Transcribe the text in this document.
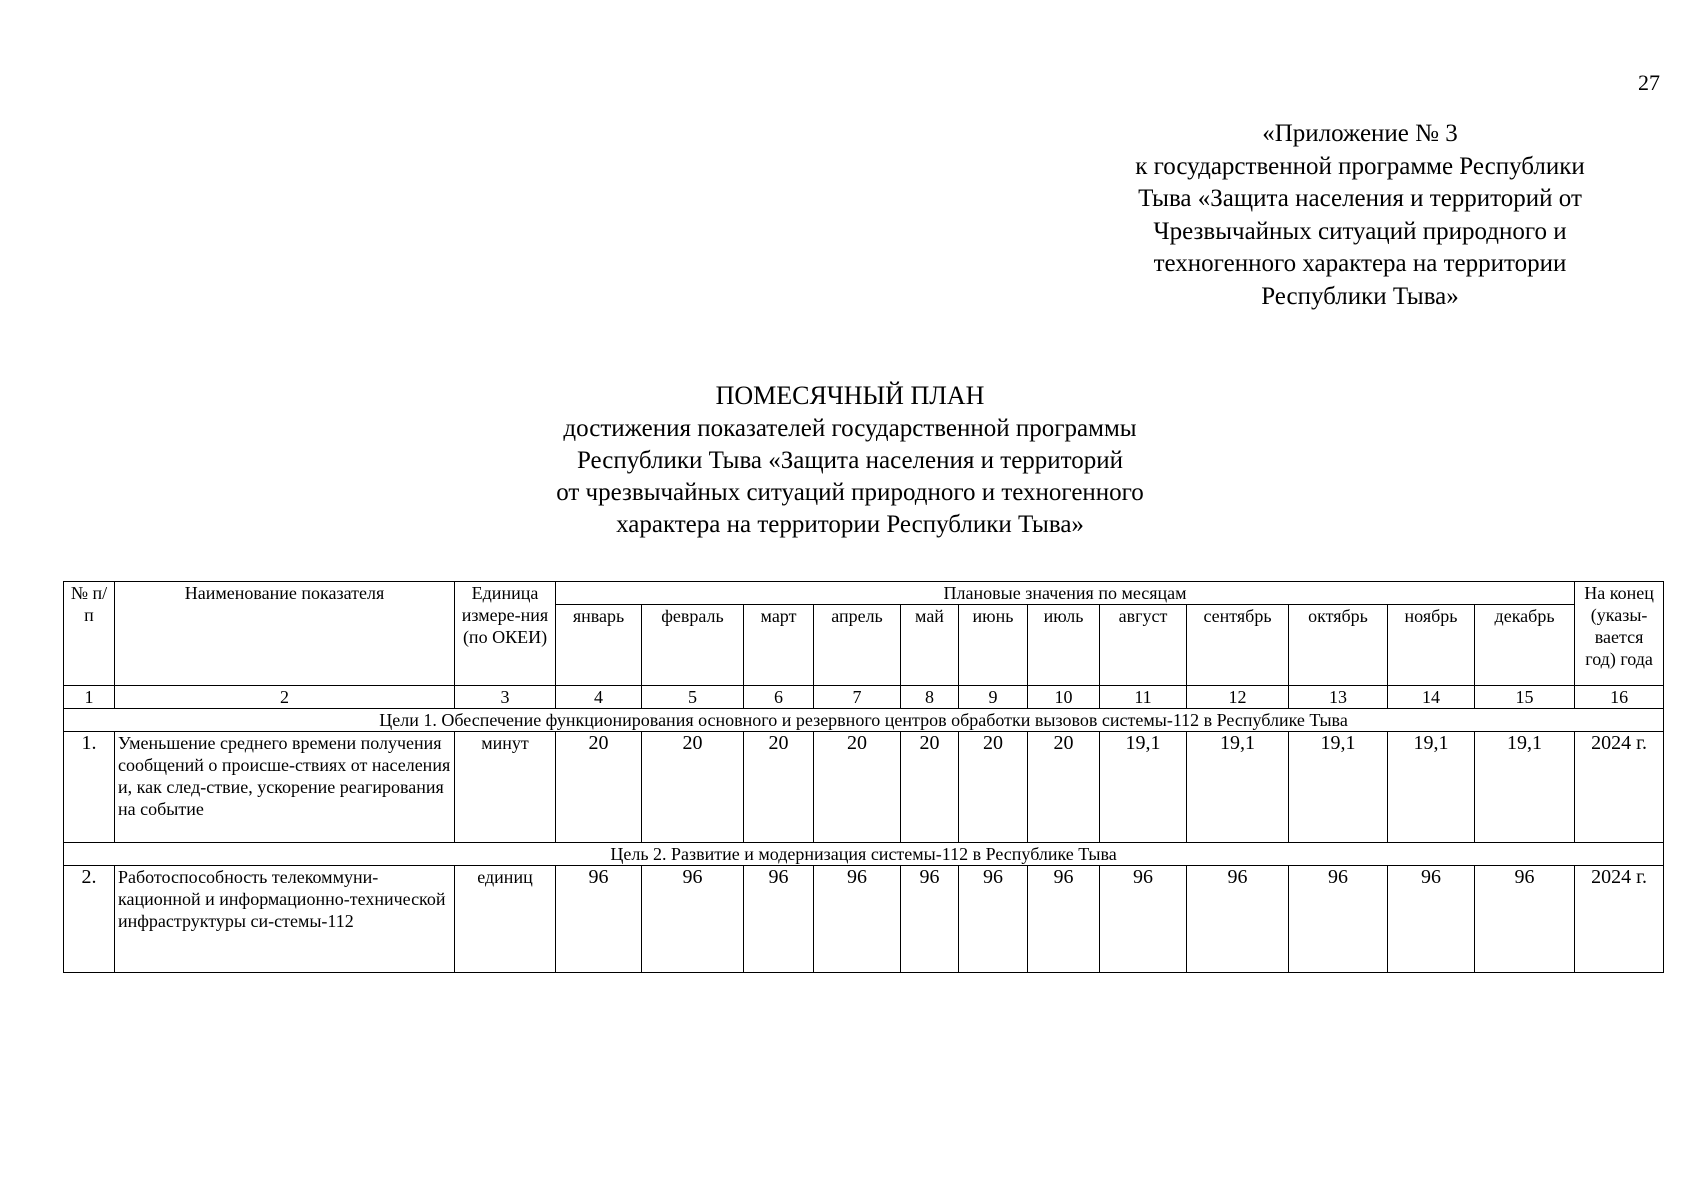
27
«Приложение № 3
к государственной программе Республики
Тыва «Защита населения и территорий от
Чрезвычайных ситуаций природного и
техногенного характера на территории
Республики Тыва»
ПОМЕСЯЧНЫЙ ПЛАН
достижения показателей государственной программы
Республики Тыва «Защита населения и территорий
от чрезвычайных ситуаций природного и техногенного
характера на территории Республики Тыва»
№ п/п	Наименование показателя	Единица измере-ния (по ОКЕИ)	Плановые значения по месяцам												На конец (указы-вается год) года
			январь	февраль	март	апрель	май	июнь	июль	август	сентябрь	октябрь	ноябрь	декабрь	
1	2	3	4	5	6	7	8	9	10	11	12	13	14	15	16
Цели 1. Обеспечение функционирования основного и резервного центров обработки вызовов системы-112 в Республике Тыва															
1.	Уменьшение среднего времени получения сообщений о происше-ствиях от населения и, как след-ствие, ускорение реагирования на событие	минут	20	20	20	20	20	20	20	19,1	19,1	19,1	19,1	19,1	2024 г.
Цель 2. Развитие и модернизация системы-112 в Республике Тыва															
2.	Работоспособность телекоммуни-кационной и информационно-технической инфраструктуры си-стемы-112	единиц	96	96	96	96	96	96	96	96	96	96	96	96	2024 г.
